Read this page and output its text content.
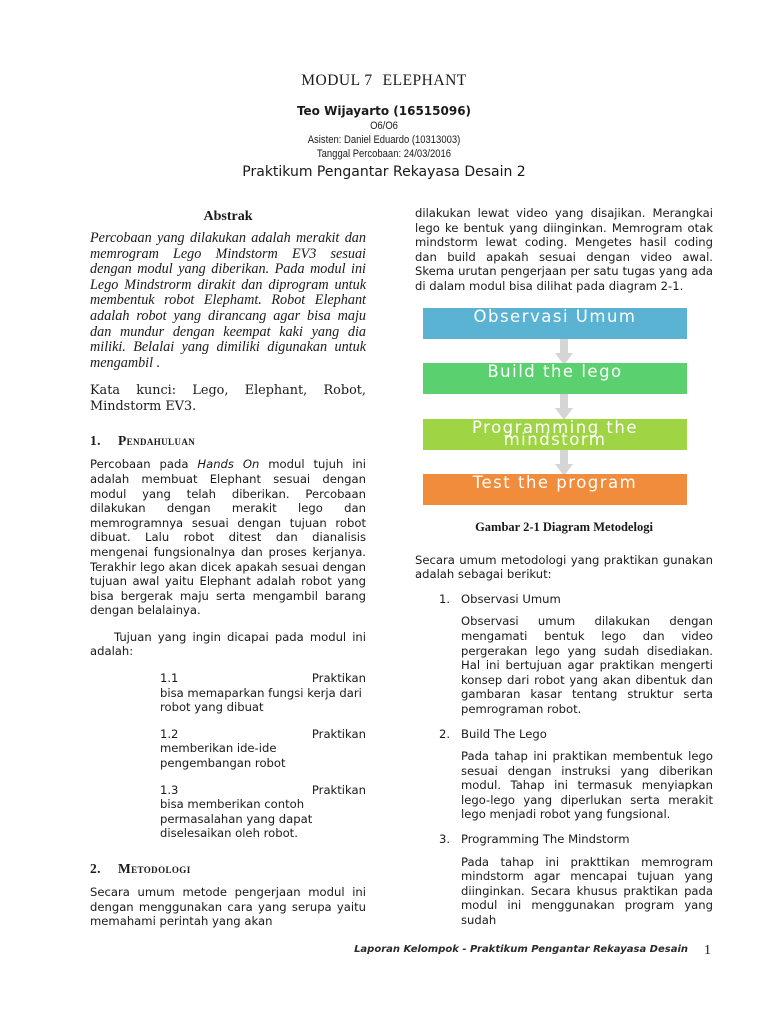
MODUL 7 ELEPHANT
Teo Wijayarto (16515096)
O6/O6
Asisten: Daniel Eduardo (10313003)
Tanggal Percobaan: 24/03/2016
Praktikum Pengantar Rekayasa Desain 2
Abstrak

Percobaan yang dilakukan adalah merakit dan memrogram Lego Mindstorm EV3 sesuai dengan modul yang diberikan. Pada modul ini Lego Mindstrorm dirakit dan diprogram untuk membentuk robot Elephamt. Robot Elephant adalah robot yang dirancang agar bisa maju dan mundur dengan keempat kaki yang dia miliki. Belalai yang dimiliki digunakan untuk mengambil .

Kata kunci: Lego, Elephant, Robot, Mindstorm EV3.

1. Pendahuluan

Percobaan pada Hands On modul tujuh ini adalah membuat Elephant sesuai dengan modul yang telah diberikan. Percobaan dilakukan dengan merakit lego dan memrogramnya sesuai dengan tujuan robot dibuat. Lalu robot ditest dan dianalisis mengenai fungsionalnya dan proses kerjanya. Terakhir lego akan dicek apakah sesuai dengan tujuan awal yaitu Elephant adalah robot yang bisa bergerak maju serta mengambil barang dengan belalainya.

Tujuan yang ingin dicapai pada modul ini adalah:

1.1	Praktikan
bisa memaparkan fungsi kerja dari robot yang dibuat
1.2	Praktikan
memberikan ide-ide pengembangan robot
1.3	Praktikan
bisa memberikan contoh permasalahan yang dapat diselesaikan oleh robot.
2. Metodologi

Secara umum metode pengerjaan modul ini dengan menggunakan cara yang serupa yaitu memahami perintah yang akan

dilakukan lewat video yang disajikan. Merangkai lego ke bentuk yang diinginkan. Memrogram otak mindstorm lewat coding. Mengetes hasil coding dan build apakah sesuai dengan video awal. Skema urutan pengerjaan per satu tugas yang ada di dalam modul bisa dilihat pada diagram 2-1.

Observasi Umum
Build the lego
Programming the mindstorm
Test the program
Gambar 2-1 Diagram Metodelogi

Secara umum metodologi yang praktikan gunakan adalah sebagai berikut:

1. Observasi Umum

Observasi umum dilakukan dengan mengamati bentuk lego dan video pergerakan lego yang sudah disediakan. Hal ini bertujuan agar praktikan mengerti konsep dari robot yang akan dibentuk dan gambaran kasar tentang struktur serta pemrograman robot.

2. Build The Lego

Pada tahap ini praktikan membentuk lego sesuai dengan instruksi yang diberikan modul. Tahap ini termasuk menyiapkan lego-lego yang diperlukan serta merakit lego menjadi robot yang fungsional.

3. Programming The Mindstorm

Pada tahap ini prakttikan memrogram mindstorm agar mencapai tujuan yang diinginkan. Secara khusus praktikan pada modul ini menggunakan program yang sudah

Laporan Kelompok - Praktikum Pengantar Rekayasa Desain 1
